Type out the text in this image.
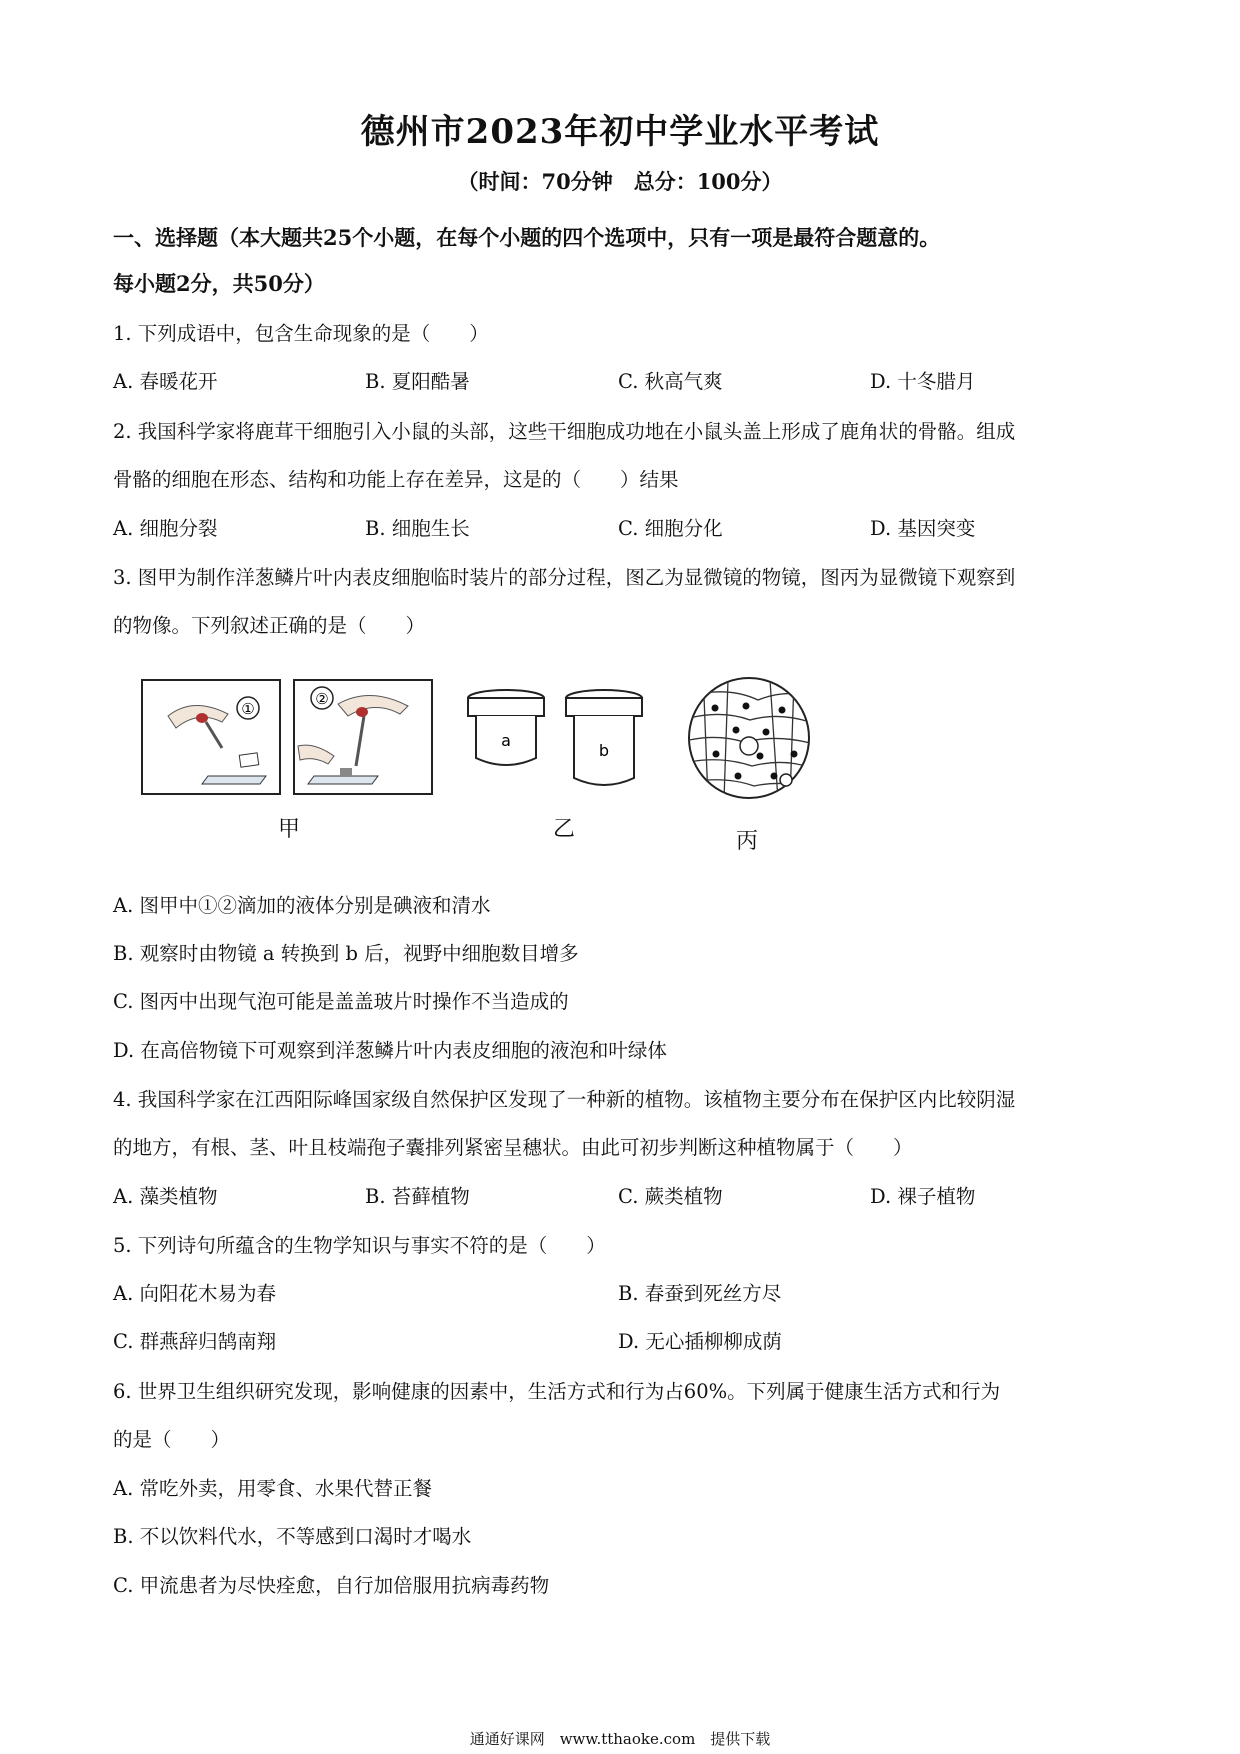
德州市2023年初中学业水平考试
（时间：70分钟　总分：100分）
一、选择题（本大题共25个小题，在每个小题的四个选项中，只有一项是最符合题意的。
每小题2分，共50分）
1. 下列成语中，包含生命现象的是（　　）
A. 春暖花开	B. 夏阳酷暑	C. 秋高气爽	D. 十冬腊月
2. 我国科学家将鹿茸干细胞引入小鼠的头部，这些干细胞成功地在小鼠头盖上形成了鹿角状的骨骼。组成
骨骼的细胞在形态、结构和功能上存在差异，这是的（　　）结果
A. 细胞分裂	B. 细胞生长	C. 细胞分化	D. 基因突变
3. 图甲为制作洋葱鳞片叶内表皮细胞临时装片的部分过程，图乙为显微镜的物镜，图丙为显微镜下观察到
的物像。下列叙述正确的是（　　）
①
②
a
b
甲	乙	丙
A. 图甲中①②滴加的液体分别是碘液和清水
B. 观察时由物镜 a 转换到 b 后，视野中细胞数目增多
C. 图丙中出现气泡可能是盖盖玻片时操作不当造成的
D. 在高倍物镜下可观察到洋葱鳞片叶内表皮细胞的液泡和叶绿体
4. 我国科学家在江西阳际峰国家级自然保护区发现了一种新的植物。该植物主要分布在保护区内比较阴湿
的地方，有根、茎、叶且枝端孢子囊排列紧密呈穗状。由此可初步判断这种植物属于（　　）
A. 藻类植物	B. 苔藓植物	C. 蕨类植物	D. 裸子植物
5. 下列诗句所蕴含的生物学知识与事实不符的是（　　）
A. 向阳花木易为春	B. 春蚕到死丝方尽
C. 群燕辞归鹄南翔	D. 无心插柳柳成荫
6. 世界卫生组织研究发现，影响健康的因素中，生活方式和行为占60%。下列属于健康生活方式和行为
的是（　　）
A. 常吃外卖，用零食、水果代替正餐
B. 不以饮料代水，不等感到口渴时才喝水
C. 甲流患者为尽快痊愈，自行加倍服用抗病毒药物
通通好课网　www.tthaoke.com　提供下载
